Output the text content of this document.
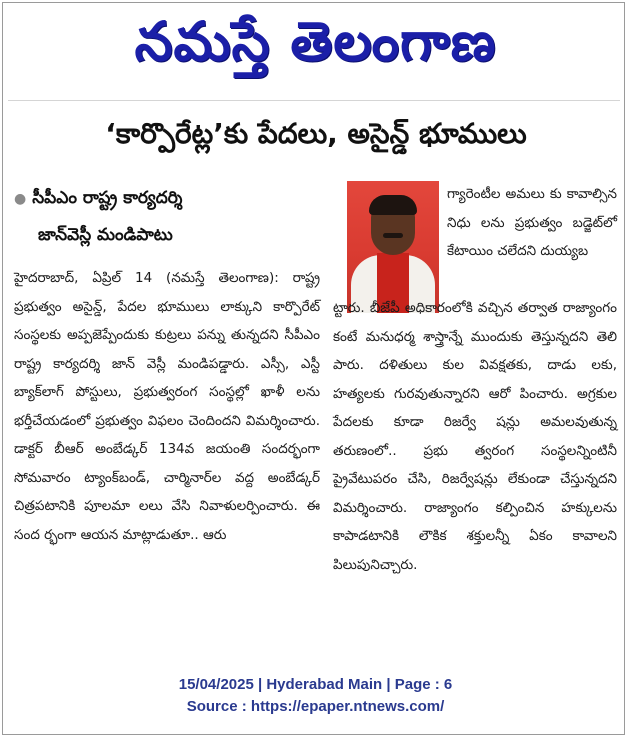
నమస్తే తెలంగాణ
‘కార్పొరేట్ల’కు పేదలు, అసైన్డ్ భూములు
● సీపీఎం రాష్ట్ర కార్యదర్శి
జాన్‌వెస్లీ మండిపాటు

గ్యారెంటీల అమలు కు కావాల్సిన నిధు లను ప్రభుత్వం బడ్జెట్‌లో కేటాయిం చలేదని దుయ్యబ

ట్టారు. బీజేపీ అధికారంలోకి వచ్చిన తర్వాత రాజ్యాంగం కంటే మనుధర్మ శాస్త్రాన్నే ముందుకు తెస్తున్నదని తెలి పారు. దళితులు కుల వివక్షతకు, దాడు లకు, హత్యలకు గురవుతున్నారని ఆరో పించారు. అగ్రకుల పేదలకు కూడా రిజర్వే షన్లు అమలవుతున్న తరుణంలో.. ప్రభు త్వరంగ సంస్థలన్నింటినీ ప్రైవేటుపరం చేసి, రిజర్వేషన్లు లేకుండా చేస్తున్నదని విమర్శించారు. రాజ్యాంగం కల్పించిన హక్కులను కాపాడటానికి లౌకిక శక్తులన్నీ ఏకం కావాలని పిలుపునిచ్చారు.

హైదరాబాద్, ఏప్రిల్ 14 (నమస్తే తెలంగాణ): రాష్ట్ర ప్రభుత్వం అసైన్డ్, పేదల భూములు లాక్కుని కార్పొరేట్ సంస్థలకు అప్పజెప్పేందుకు కుట్రలు పన్ను తున్నదని సీపీఎం రాష్ట్ర కార్యదర్శి జాన్ వెస్లీ మండిపడ్డారు. ఎస్సీ, ఎస్టీ బ్యాక్‌లాగ్ పోస్టులు, ప్రభుత్వరంగ సంస్థల్లో ఖాళీ లను భర్తీచేయడంలో ప్రభుత్వం విఫలం చెందిందని విమర్శించారు. డాక్టర్ బీఆర్ అంబేడ్కర్ 134వ జయంతి సందర్భంగా సోమవారం ట్యాంక్‌బండ్, చార్మినార్‌ల వద్ద అంబేడ్కర్ చిత్రపటానికి పూలమా లలు వేసి నివాళులర్పించారు. ఈ సంద ర్భంగా ఆయన మాట్లాడుతూ.. ఆరు

15/04/2025 | Hyderabad Main | Page : 6
Source : https://epaper.ntnews.com/
